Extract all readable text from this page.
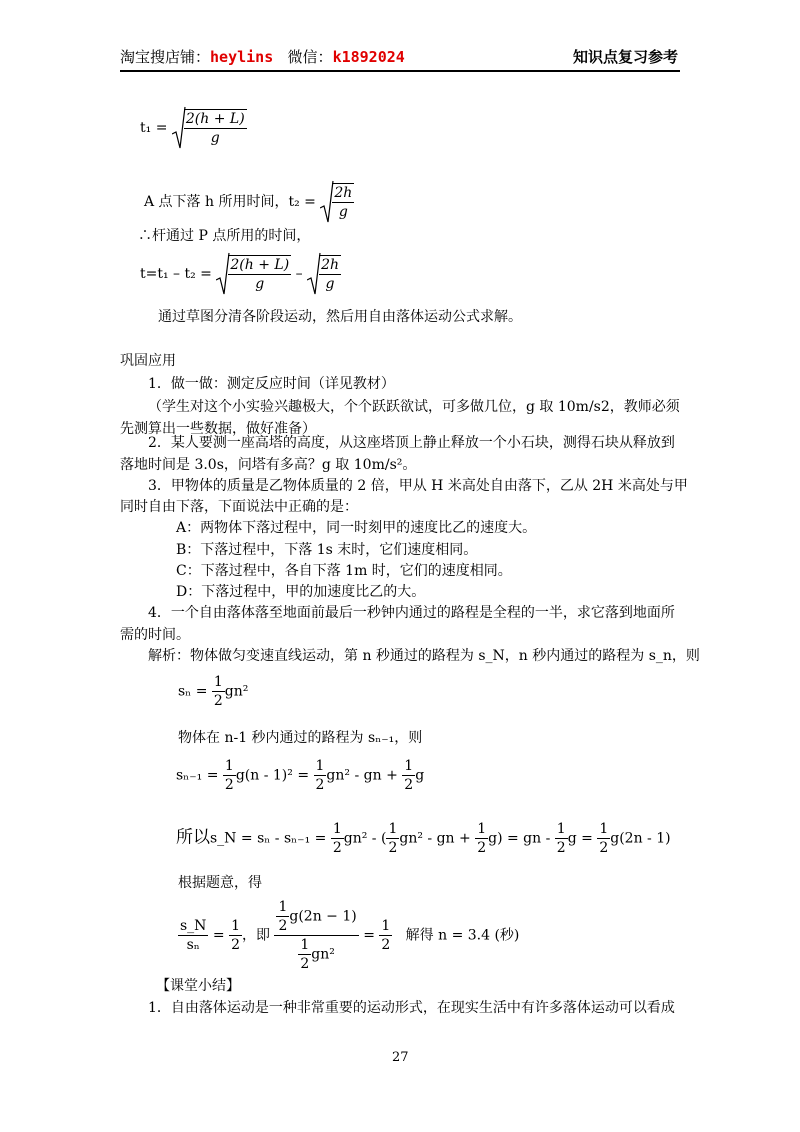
淘宝搜店铺：heylins 微信：k1892024	知识点复习参考
$t_1 = \frac{2(h + L)}{g}$
A 点下落 h 所用时间，$t_2 = \frac{2h}{g}$
∴杆通过 P 点所用的时间，
$t=t_1 - t_2 = \frac{2(h + L)}{g} - \frac{2h}{g}$
通过草图分清各阶段运动，然后用自由落体运动公式求解。
巩固应用
1．做一做：测定反应时间（详见教材）
（学生对这个小实验兴趣极大，个个跃跃欲试，可多做几位，g 取 10m/s2，教师必须
先测算出一些数据，做好准备）
2．某人要测一座高塔的高度，从这座塔顶上静止释放一个小石块，测得石块从释放到
落地时间是 3.0s，问塔有多高？g 取 10m/s²。
3．甲物体的质量是乙物体质量的 2 倍，甲从 H 米高处自由落下，乙从 2H 米高处与甲
同时自由下落，下面说法中正确的是：
A：两物体下落过程中，同一时刻甲的速度比乙的速度大。
B：下落过程中，下落 1s 末时，它们速度相同。
C：下落过程中，各自下落 1m 时，它们的速度相同。
D：下落过程中，甲的加速度比乙的大。
4．一个自由落体落至地面前最后一秒钟内通过的路程是全程的一半，求它落到地面所
需的时间。
解析：物体做匀变速直线运动，第 n 秒通过的路程为 s_N，n 秒内通过的路程为 s_n，则
$s_n = \frac{1}{2} gn^2$
物体在 n-1 秒内通过的路程为 sₙ₋₁，则
$s_{n-1} = \frac{1}{2} g(n - 1)^2 = \frac{1}{2} gn^2$ - gn + $\frac{1}{2}$ g
所以s_N = $s_n - s_{n-1} = \frac{1}{2} gn^2$ - ( $\frac{1}{2} gn^2$ - gn + $\frac{1}{2} g$) = gn - $\frac{1}{2}$ $g = \frac{1}{2} g(2n - 1)$
根据题意，得
$\frac{s\_N}{\text{sₙ}} = \frac{1}{2}$ ，即 $\frac{\frac{1}{2} g(2n - 1)}{\frac{1}{2} gn^2} = \frac{1}{2}$ 解得 n = 3.4 (秒)
【课堂小结】
1．自由落体运动是一种非常重要的运动形式，在现实生活中有许多落体运动可以看成
27
